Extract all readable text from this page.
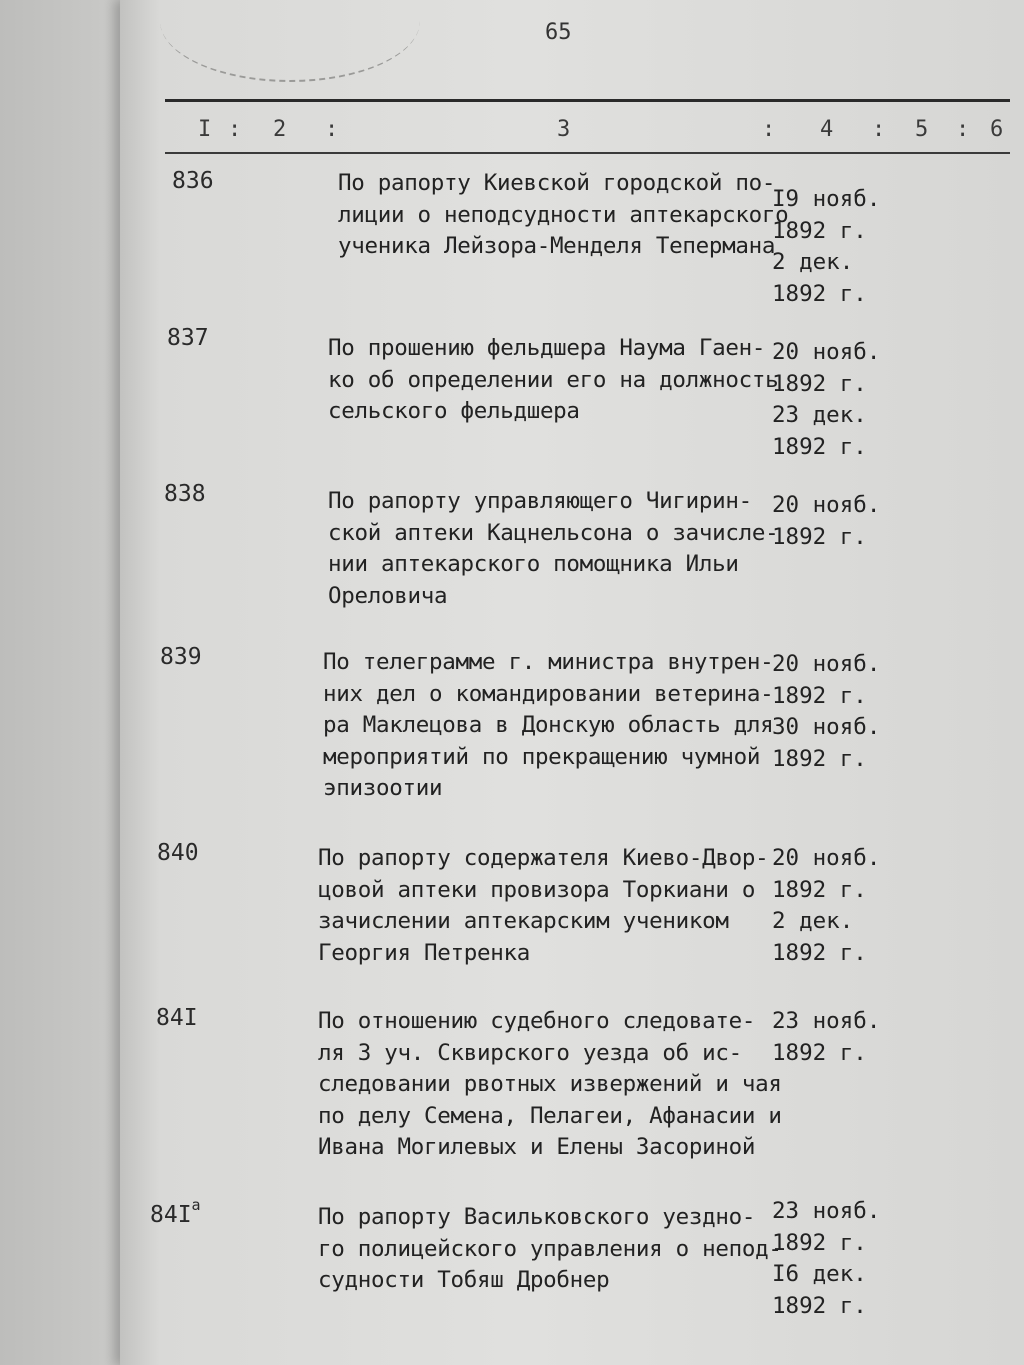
65
I : 2 :	3	: 4 : 5 : 6
836	По рапорту Киевской городской по-
лиции о неподсудности аптекарского
ученика Лейзора-Менделя Тепермана
I9 нояб.
1892 г.
2 дек.
1892 г.
837	По прошению фельдшера Наума Гаен-
ко об определении его на должность
сельского фельдшера
20 нояб.
1892 г.
23 дек.
1892 г.
838	По рапорту управляющего Чигирин-
ской аптеки Кацнельсона о зачисле-
нии аптекарского помощника Ильи
Ореловича
20 нояб.
1892 г.
839	По телеграмме г. министра внутрен-
них дел о командировании ветерина-
ра Маклецова в Донскую область для
мероприятий по прекращению чумной
эпизоотии
20 нояб.
1892 г.
30 нояб.
1892 г.
840	По рапорту содержателя Киево-Двор-
цовой аптеки провизора Торкиани о
зачислении аптекарским учеником
Георгия Петренка
20 нояб.
1892 г.
2 дек.
1892 г.
84I	По отношению судебного следовате-
ля 3 уч. Сквирского уезда об ис-
следовании рвотных извержений и чая
по делу Семена, Пелагеи, Афанасии и
Ивана Могилевых и Елены Засориной
23 нояб.
1892 г.
$84I^а$	По рапорту Васильковского уездно-
го полицейского управления о непод-
судности Тобяш Дробнер
23 нояб.
1892 г.
I6 дек.
1892 г.
